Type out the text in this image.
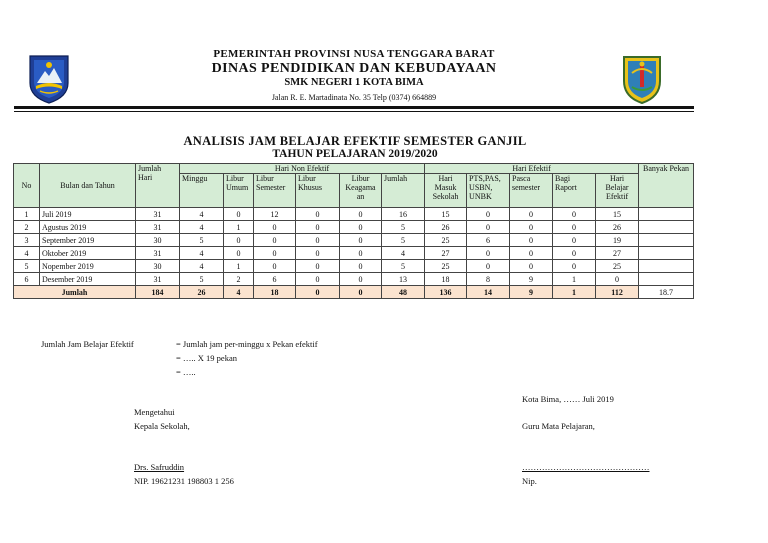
PEMERINTAH PROVINSI NUSA TENGGARA BARAT
DINAS PENDIDIKAN DAN KEBUDAYAAN
SMK NEGERI 1 KOTA BIMA
Jalan R. E. Martadinata No. 35 Telp (0374) 664889
ANALISIS JAM BELAJAR EFEKTIF SEMESTER GANJIL
TAHUN PELAJARAN 2019/2020
No	Bulan dan Tahun	Jumlah Hari	Hari Non Efektif						Hari Efektif					Banyak Pekan
			Minggu	Libur Umum	Libur Semester	Libur Khusus	Libur Keagama an	Jumlah	Hari Masuk Sekolah	PTS,PAS, USBN, UNBK	Pasca semester	Bagi Raport	Hari Belajar Efektif	
1	Juli 2019	31	4	0	12	0	0	16	15	0	0	0	15	
2	Agustus 2019	31	4	1	0	0	0	5	26	0	0	0	26	
3	September 2019	30	5	0	0	0	0	5	25	6	0	0	19	
4	Oktober 2019	31	4	0	0	0	0	4	27	0	0	0	27	
5	Nopember 2019	30	4	1	0	0	0	5	25	0	0	0	25	
6	Desember 2019	31	5	2	6	0	0	13	18	8	9	1	0	
Jumlah		184	26	4	18	0	0	48	136	14	9	1	112	18.7
Jumlah Jam Belajar Efektif	= Jumlah jam per-minggu x Pekan efektif
= ….. X 19 pekan
= …..
Kota Bima, …… Juli 2019
Mengetahui
Kepala Sekolah,	Guru Mata Pelajaran,
Drs. Safruddin
NIP. 19621231 198803 1 256
………………………………………
Nip.
